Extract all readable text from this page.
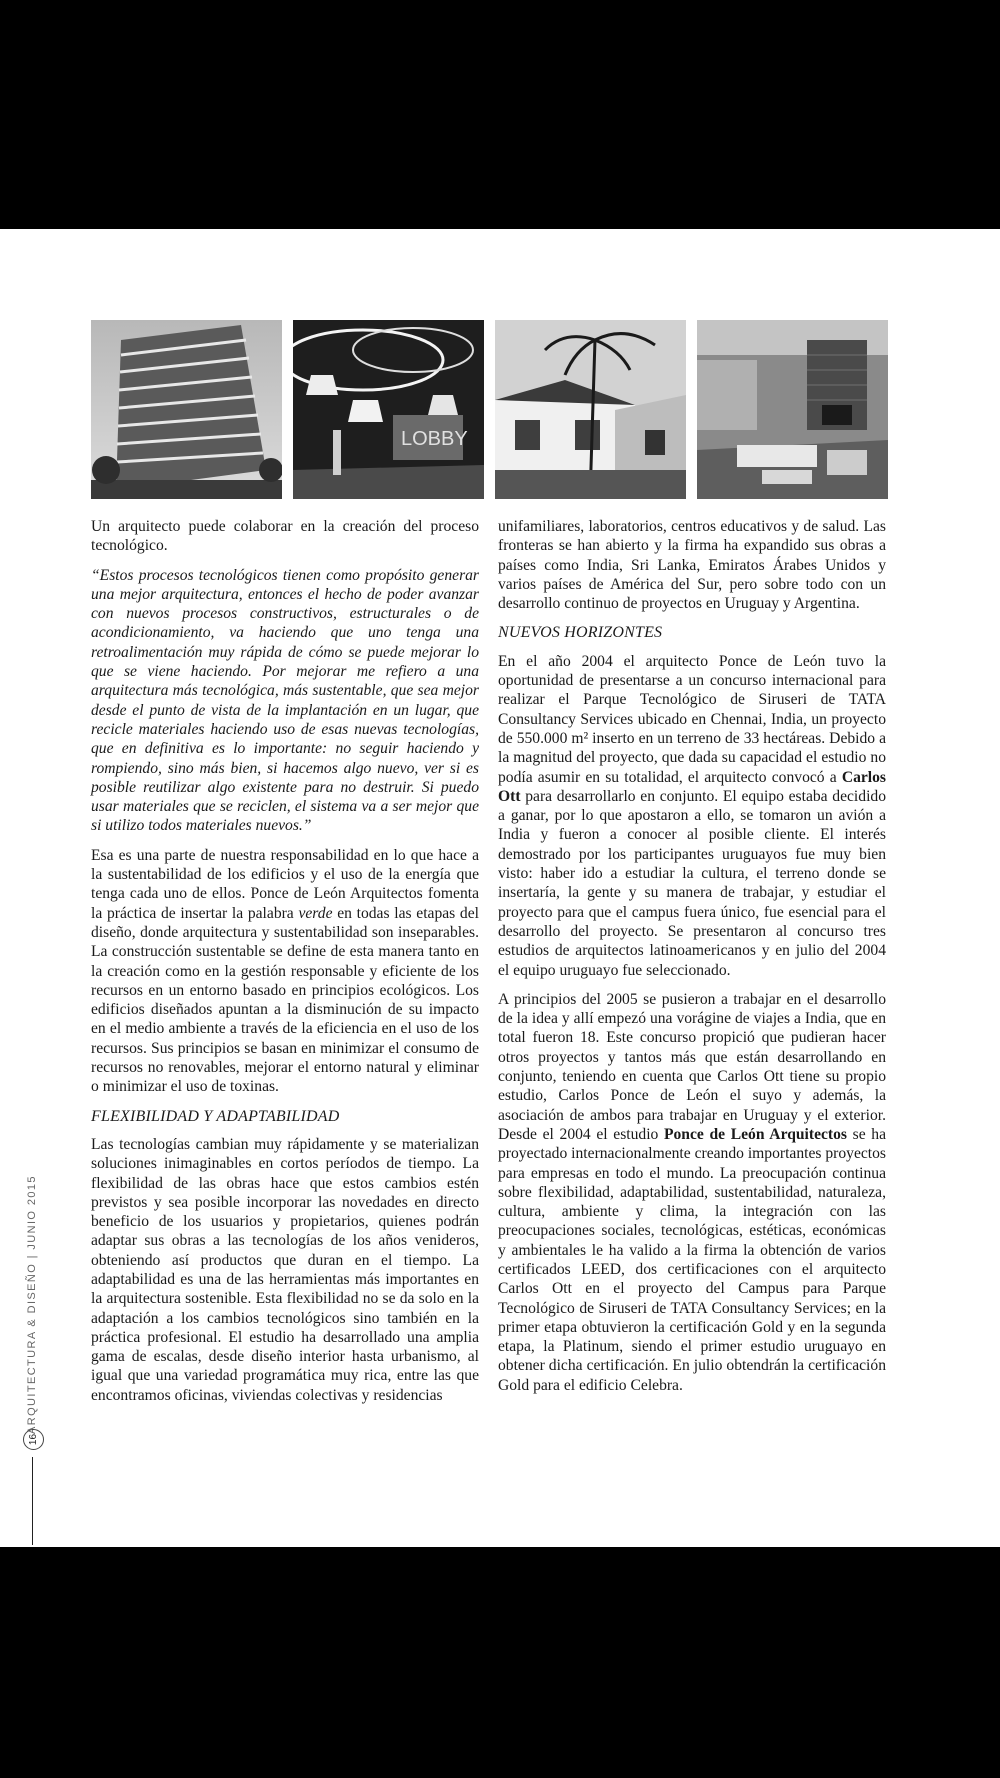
LOBBY

Un arquitecto puede colaborar en la creación del proceso tecnológico.

“Estos procesos tecnológicos tienen como propósito generar una mejor arquitectura, entonces el hecho de poder avanzar con nuevos procesos constructivos, estructurales o de acondicionamiento, va haciendo que uno tenga una retroalimentación muy rápida de cómo se puede mejorar lo que se viene haciendo. Por mejorar me refiero a una arquitectura más tecnológica, más sustentable, que sea mejor desde el punto de vista de la implantación en un lugar, que recicle materiales haciendo uso de esas nuevas tecnologías, que en definitiva es lo importante: no seguir haciendo y rompiendo, sino más bien, si hacemos algo nuevo, ver si es posible reutilizar algo existente para no destruir. Si puedo usar materiales que se reciclen, el sistema va a ser mejor que si utilizo todos materiales nuevos.”

Esa es una parte de nuestra responsabilidad en lo que hace a la sustentabilidad de los edificios y el uso de la energía que tenga cada uno de ellos. Ponce de León Arquitectos fomenta la práctica de insertar la palabra verde en todas las etapas del diseño, donde arquitectura y sustentabilidad son inseparables. La construcción sustentable se define de esta manera tanto en la creación como en la gestión responsable y eficiente de los recursos en un entorno basado en principios ecológicos. Los edificios diseñados apuntan a la disminución de su impacto en el medio ambiente a través de la eficiencia en el uso de los recursos. Sus principios se basan en minimizar el consumo de recursos no renovables, mejorar el entorno natural y eliminar o minimizar el uso de toxinas.

FLEXIBILIDAD Y ADAPTABILIDAD

Las tecnologías cambian muy rápidamente y se materializan soluciones inimaginables en cortos períodos de tiempo. La flexibilidad de las obras hace que estos cambios estén previstos y sea posible incorporar las novedades en directo beneficio de los usuarios y propietarios, quienes podrán adaptar sus obras a las tecnologías de los años venideros, obteniendo así productos que duran en el tiempo. La adaptabilidad es una de las herramientas más importantes en la arquitectura sostenible. Esta flexibilidad no se da solo en la adaptación a los cambios tecnológicos sino también en la práctica profesional. El estudio ha desarrollado una amplia gama de escalas, desde diseño interior hasta urbanismo, al igual que una variedad programática muy rica, entre las que encontramos oficinas, viviendas colectivas y residencias

unifamiliares, laboratorios, centros educativos y de salud. Las fronteras se han abierto y la firma ha expandido sus obras a países como India, Sri Lanka, Emiratos Árabes Unidos y varios países de América del Sur, pero sobre todo con un desarrollo continuo de proyectos en Uruguay y Argentina.

NUEVOS HORIZONTES

En el año 2004 el arquitecto Ponce de León tuvo la oportunidad de presentarse a un concurso internacional para realizar el Parque Tecnológico de Siruseri de TATA Consultancy Services ubicado en Chennai, India, un proyecto de 550.000 m² inserto en un terreno de 33 hectáreas. Debido a la magnitud del proyecto, que dada su capacidad el estudio no podía asumir en su totalidad, el arquitecto convocó a Carlos Ott para desarrollarlo en conjunto. El equipo estaba decidido a ganar, por lo que apostaron a ello, se tomaron un avión a India y fueron a conocer al posible cliente. El interés demostrado por los participantes uruguayos fue muy bien visto: haber ido a estudiar la cultura, el terreno donde se insertaría, la gente y su manera de trabajar, y estudiar el proyecto para que el campus fuera único, fue esencial para el desarrollo del proyecto. Se presentaron al concurso tres estudios de arquitectos latinoamericanos y en julio del 2004 el equipo uruguayo fue seleccionado.

A principios del 2005 se pusieron a trabajar en el desarrollo de la idea y allí empezó una vorágine de viajes a India, que en total fueron 18. Este concurso propició que pudieran hacer otros proyectos y tantos más que están desarrollando en conjunto, teniendo en cuenta que Carlos Ott tiene su propio estudio, Carlos Ponce de León el suyo y además, la asociación de ambos para trabajar en Uruguay y el exterior. Desde el 2004 el estudio Ponce de León Arquitectos se ha proyectado internacionalmente creando importantes proyectos para empresas en todo el mundo. La preocupación continua sobre flexibilidad, adaptabilidad, sustentabilidad, naturaleza, cultura, ambiente y clima, la integración con las preocupaciones sociales, tecnológicas, estéticas, económicas y ambientales le ha valido a la firma la obtención de varios certificados LEED, dos certificaciones con el arquitecto Carlos Ott en el proyecto del Campus para Parque Tecnológico de Siruseri de TATA Consultancy Services; en la primer etapa obtuvieron la certificación Gold y en la segunda etapa, la Platinum, siendo el primer estudio uruguayo en obtener dicha certificación. En julio obtendrán la certificación Gold para el edificio Celebra.

ARQUITECTURA & DISEÑO | JUNIO 2015
16
